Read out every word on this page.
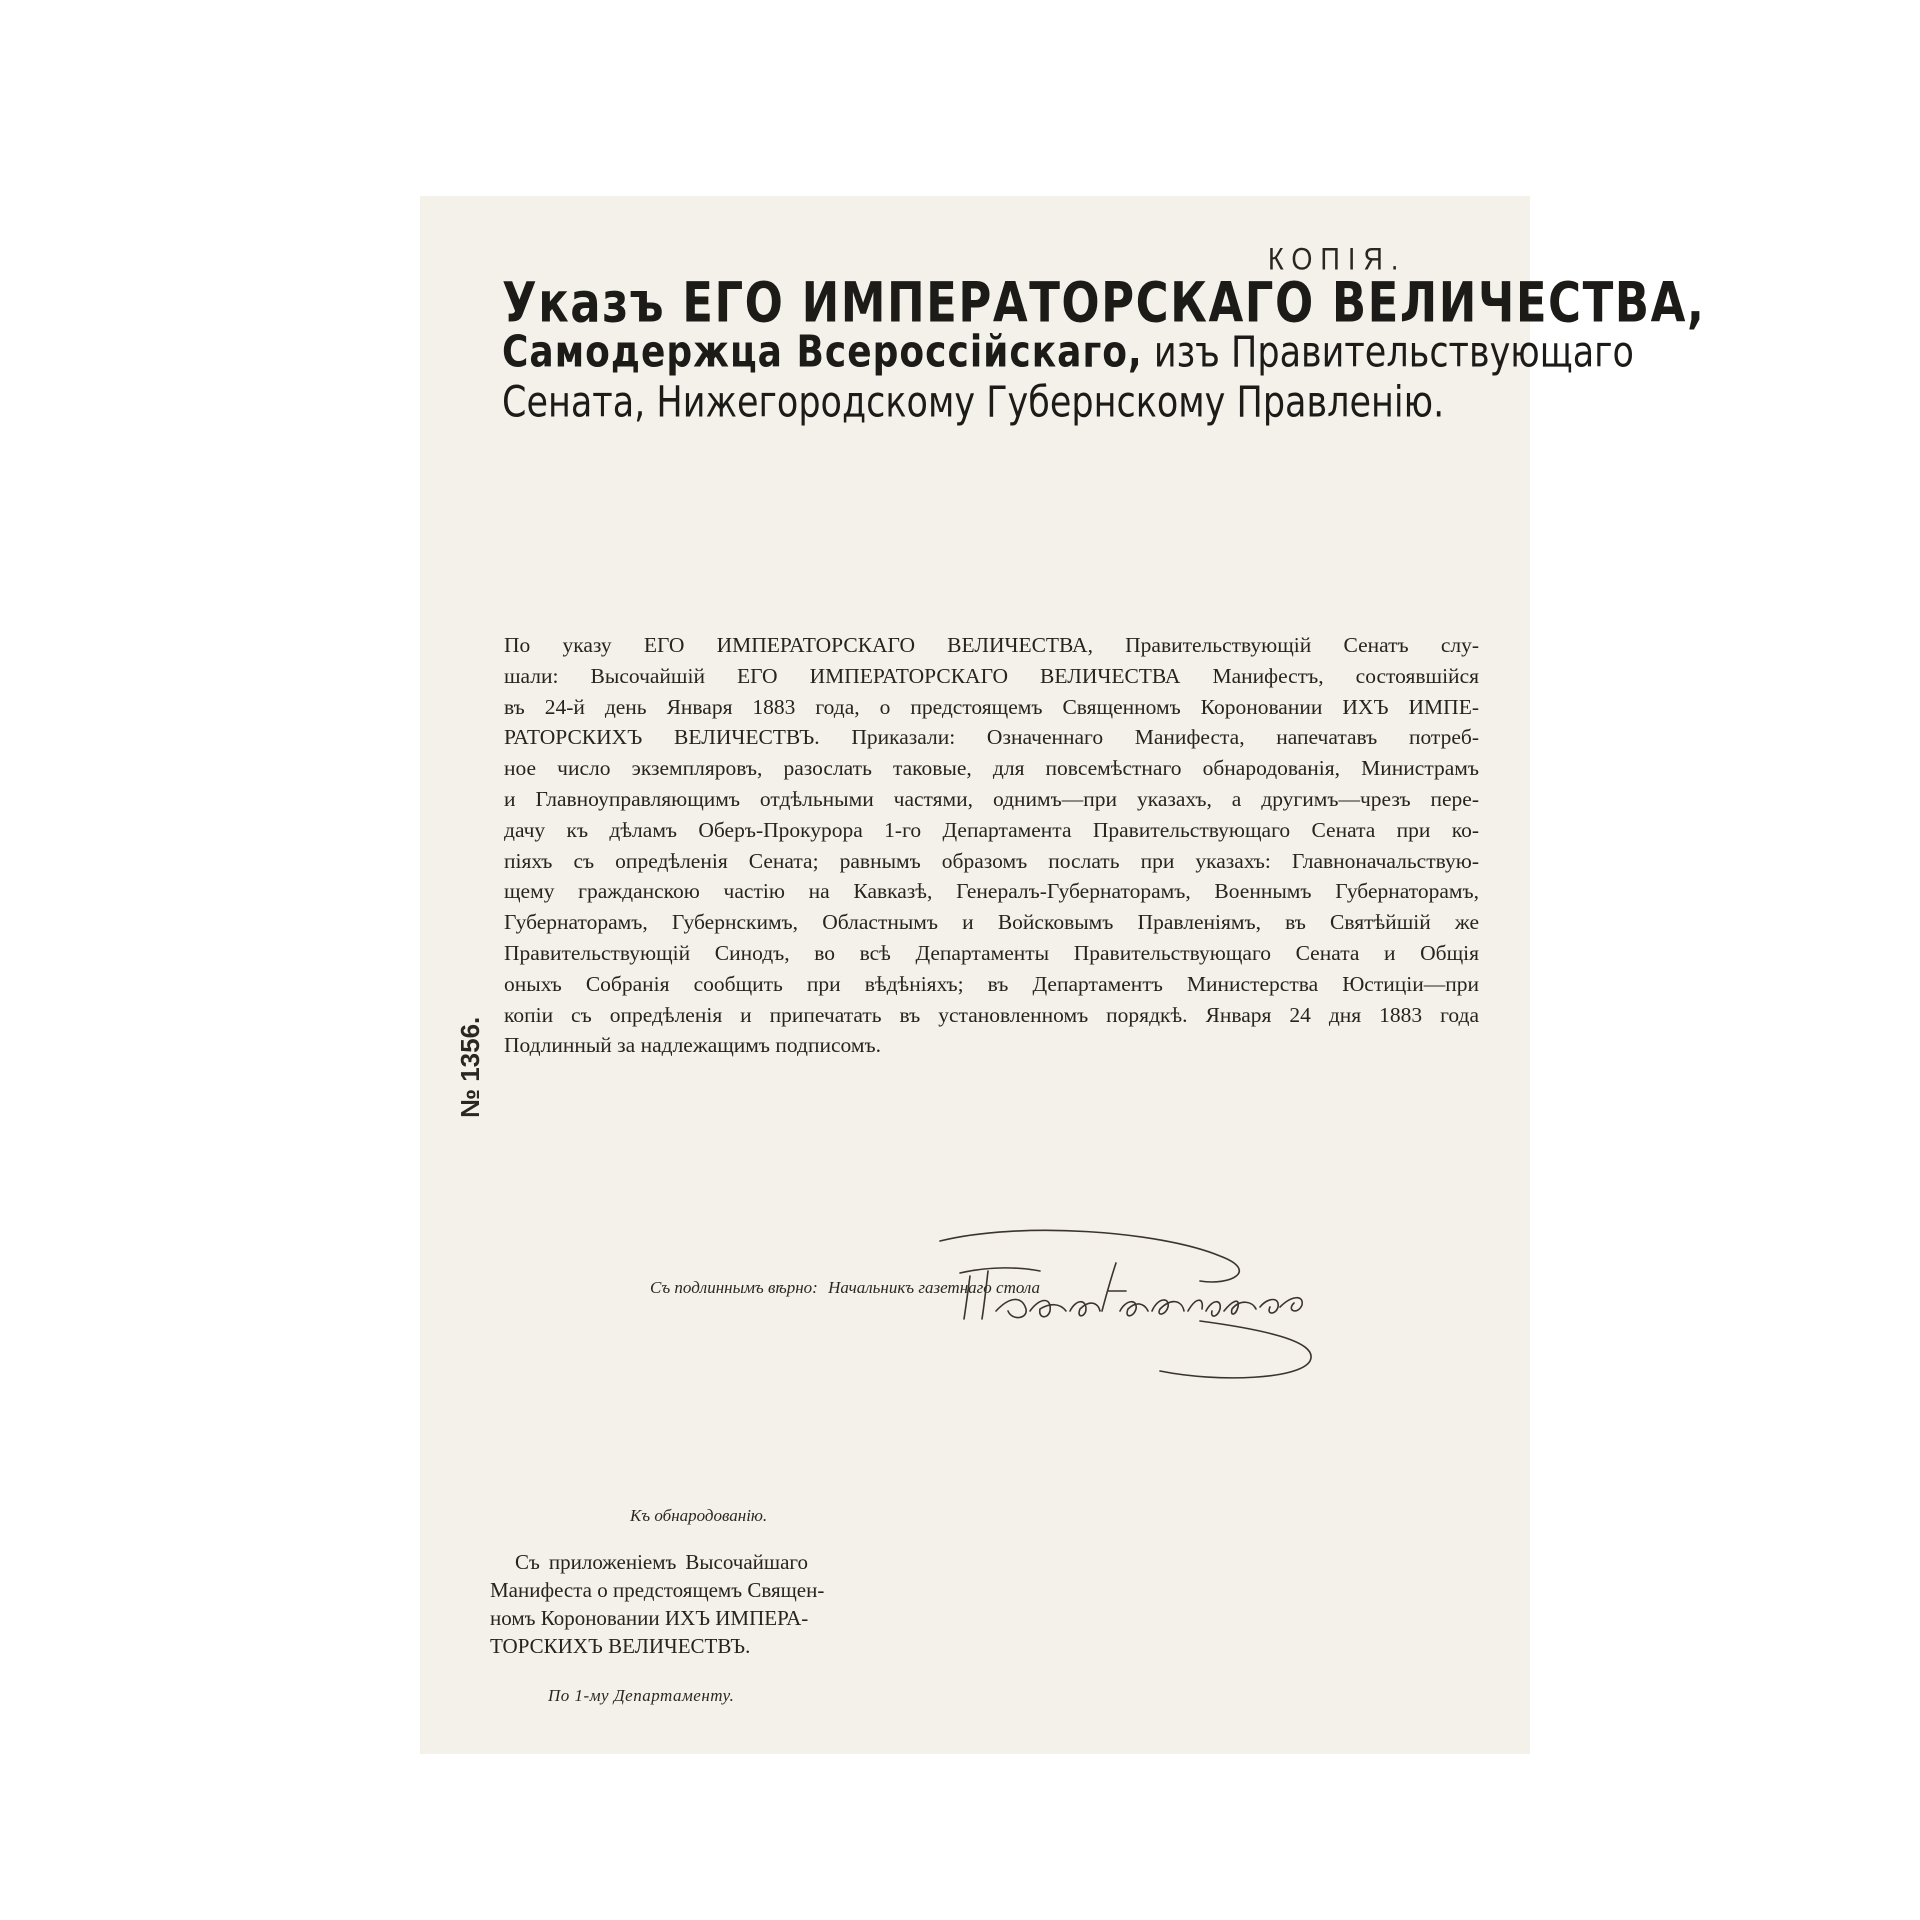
КОПІЯ.
Указъ ЕГО ИМПЕРАТОРСКАГО ВЕЛИЧЕСТВА,
Самодержца Всероссійскаго, изъ Правительствующаго
Сената, Нижегородскому Губернскому Правленію.
№ 1356.
По указу ЕГО ИМПЕРАТОРСКАГО ВЕЛИЧЕСТВА, Правительствующій Сенатъ слу-
шали: Высочайшій ЕГО ИМПЕРАТОРСКАГО ВЕЛИЧЕСТВА Манифестъ, состоявшійся
въ 24-й день Января 1883 года, о предстоящемъ Священномъ Короновании ИХЪ ИМПЕ-
РАТОРСКИХЪ ВЕЛИЧЕСТВЪ. Приказали: Означеннаго Манифеста, напечатавъ потреб-
ное число экземпляровъ, разослать таковые, для повсемѣстнаго обнародованія, Министрамъ
и Главноуправляющимъ отдѣльными частями, однимъ—при указахъ, а другимъ—чрезъ пере-
дачу къ дѣламъ Оберъ-Прокурора 1-го Департамента Правительствующаго Сената при ко-
піяхъ съ опредѣленія Сената; равнымъ образомъ послать при указахъ: Главноначальствую-
щему гражданскою частію на Кавказѣ, Генералъ-Губернаторамъ, Военнымъ Губернаторамъ,
Губернаторамъ, Губернскимъ, Областнымъ и Войсковымъ Правленіямъ, въ Святѣйшій же
Правительствующій Синодъ, во всѣ Департаменты Правительствующаго Сената и Общія
оныхъ Собранія сообщить при вѣдѣніяхъ; въ Департаментъ Министерства Юстиціи—при
копіи съ опредѣленія и припечатать въ установленномъ порядкѣ. Января 24 дня 1883 года
Подлинный за надлежащимъ подписомъ.
Съ подлиннымъ вѣрно: Начальникъ газетнаго стола
Къ обнародованію.
Съ приложеніемъ Высочайшаго
Манифеста о предстоящемъ Священ-
номъ Короновании ИХЪ ИМПЕРА-
ТОРСКИХЪ ВЕЛИЧЕСТВЪ.
По 1-му Департаменту.
